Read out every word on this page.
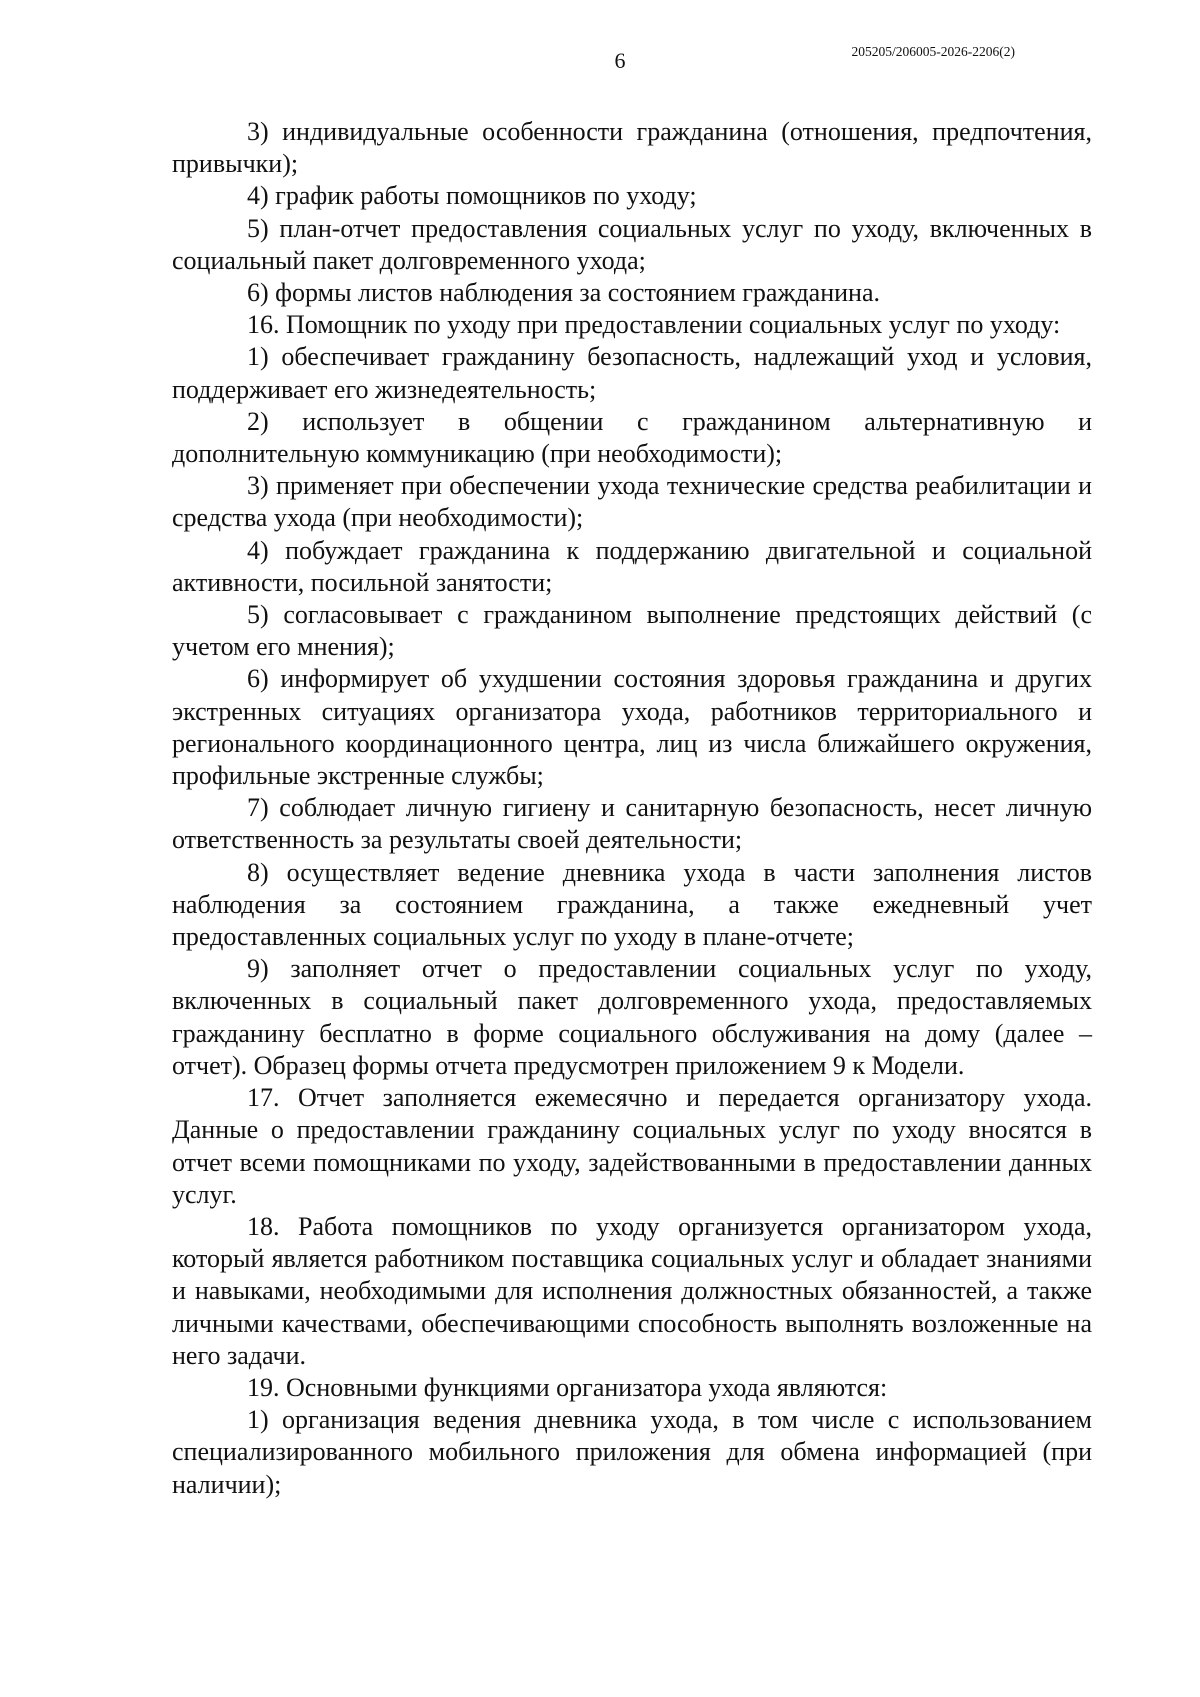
6	205205/206005-2026-2206(2)

3) индивидуальные особенности гражданина (отношения, предпочтения, привычки);

4) график работы помощников по уходу;

5) план-отчет предоставления социальных услуг по уходу, включенных в социальный пакет долговременного ухода;

6) формы листов наблюдения за состоянием гражданина.

16. Помощник по уходу при предоставлении социальных услуг по уходу:

1) обеспечивает гражданину безопасность, надлежащий уход и условия, поддерживает его жизнедеятельность;

2) использует в общении с гражданином альтернативную и дополнительную коммуникацию (при необходимости);

3) применяет при обеспечении ухода технические средства реабилитации и средства ухода (при необходимости);

4) побуждает гражданина к поддержанию двигательной и социальной активности, посильной занятости;

5) согласовывает с гражданином выполнение предстоящих действий (с учетом его мнения);

6) информирует об ухудшении состояния здоровья гражданина и других экстренных ситуациях организатора ухода, работников территориального и регионального координационного центра, лиц из числа ближайшего окружения, профильные экстренные службы;

7) соблюдает личную гигиену и санитарную безопасность, несет личную ответственность за результаты своей деятельности;

8) осуществляет ведение дневника ухода в части заполнения листов наблюдения за состоянием гражданина, а также ежедневный учет предоставленных социальных услуг по уходу в плане-отчете;

9) заполняет отчет о предоставлении социальных услуг по уходу, включенных в социальный пакет долговременного ухода, предоставляемых гражданину бесплатно в форме социального обслуживания на дому (далее – отчет). Образец формы отчета предусмотрен приложением 9 к Модели.

17. Отчет заполняется ежемесячно и передается организатору ухода. Данные о предоставлении гражданину социальных услуг по уходу вносятся в отчет всеми помощниками по уходу, задействованными в предоставлении данных услуг.

18. Работа помощников по уходу организуется организатором ухода, который является работником поставщика социальных услуг и обладает знаниями и навыками, необходимыми для исполнения должностных обязанностей, а также личными качествами, обеспечивающими способность выполнять возложенные на него задачи.

19. Основными функциями организатора ухода являются:

1) организация ведения дневника ухода, в том числе с использованием специализированного мобильного приложения для обмена информацией (при наличии);
